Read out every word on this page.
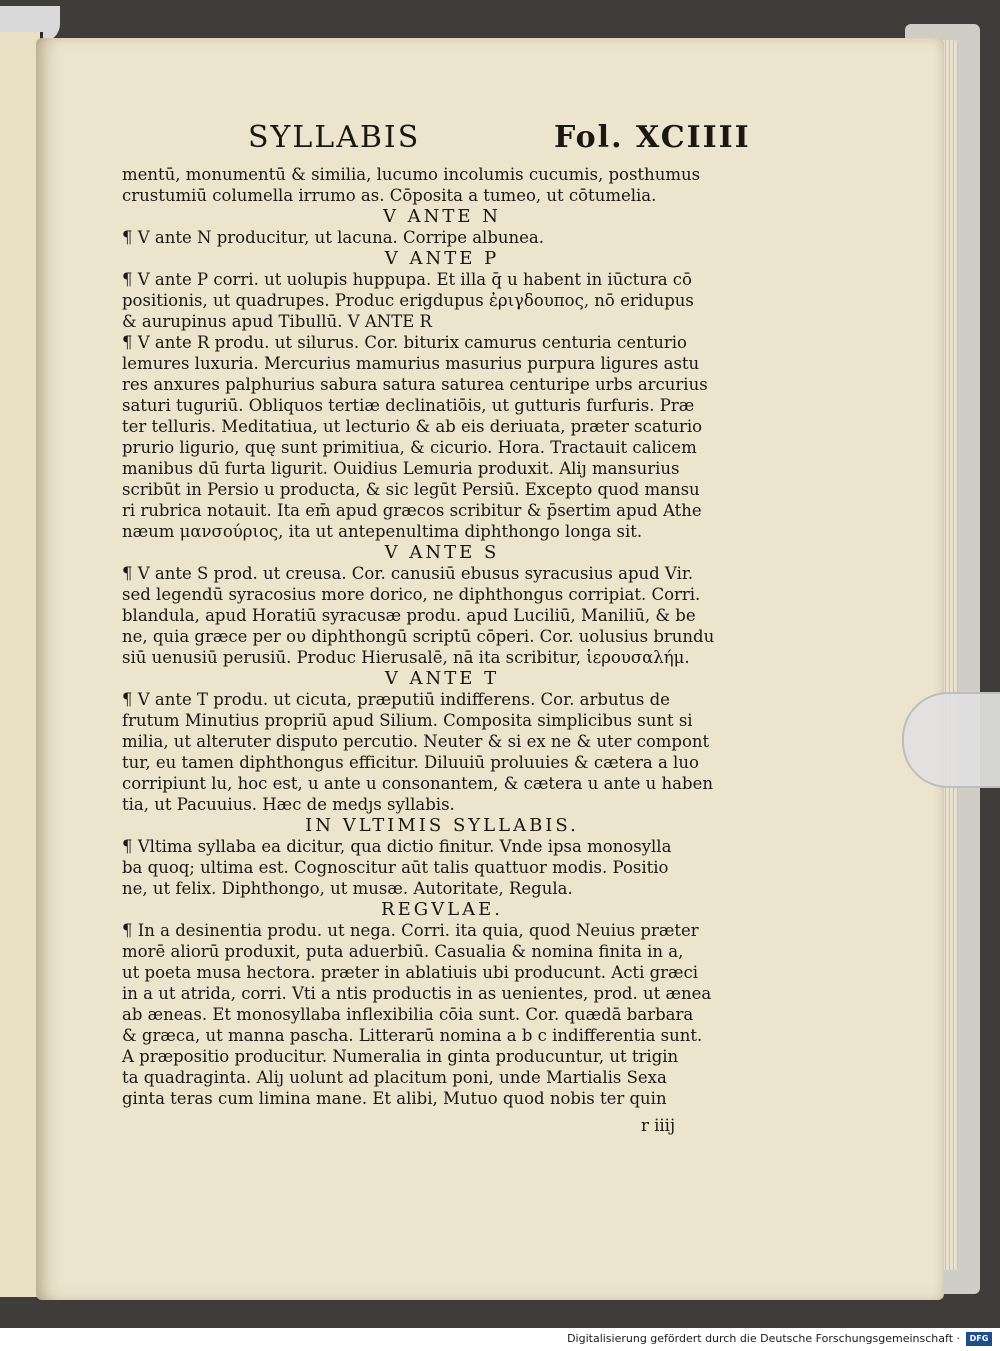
SYLLABIS	Fol. XCIIII
mentū, monumentū & similia, lucumo incolumis cucumis, posthumus
crustumiū columella irrumo as. Cōposita a tumeo, ut cōtumelia.
V ANTE N
¶ V ante N producitur, ut lacuna. Corripe albunea.
V ANTE P
¶ V ante P corri. ut uolupis huppupa. Et illa q̄ u habent in iūctura cō
positionis, ut quadrupes. Produc erigdupus ἐριγδουπος, nō eridupus
& aurupinus apud Tibullū. V ANTE R
¶ V ante R produ. ut silurus. Cor. biturix camurus centuria centurio
lemures luxuria. Mercurius mamurius masurius purpura ligures astu
res anxures palphurius sabura satura saturea centuripe urbs arcurius
saturi tuguriū. Obliquos tertiæ declinatiōis, ut gutturis furfuris. Præ
ter telluris. Meditatiua, ut lecturio & ab eis deriuata, præter scaturio
prurio ligurio, quę sunt primitiua, & cicurio. Hora. Tractauit calicem
manibus dū furta ligurit. Ouidius Lemuria produxit. Aliȷ mansurius
scribūt in Persio u producta, & sic legūt Persiū. Excepto quod mansu
ri rubrica notauit. Ita em̄ apud græcos scribitur & p̄sertim apud Athe
næum μανσούριος, ita ut antepenultima diphthongo longa sit.
V ANTE S
¶ V ante S prod. ut creusa. Cor. canusiū ebusus syracusius apud Vir.
sed legendū syracosius more dorico, ne diphthongus corripiat. Corri.
blandula, apud Horatiū syracusæ produ. apud Luciliū, Maniliū, & be
ne, quia græce per ου diphthongū scriptū cōperi. Cor. uolusius brundu
siū uenusiū perusiū. Produc Hierusalē, nā ita scribitur, ἱερουσαλήμ.
V ANTE T
¶ V ante T produ. ut cicuta, præputiū indifferens. Cor. arbutus de
frutum Minutius propriū apud Silium. Composita simplicibus sunt si
milia, ut alteruter disputo percutio. Neuter & si ex ne & uter compont
tur, eu tamen diphthongus efficitur. Diluuiū proluuies & cætera a luo
corripiunt lu, hoc est, u ante u consonantem, & cætera u ante u haben
tia, ut Pacuuius. Hæc de medȷs syllabis.
IN VLTIMIS SYLLABIS.
¶ Vltima syllaba ea dicitur, qua dictio finitur. Vnde ipsa monosylla
ba quoq; ultima est. Cognoscitur aūt talis quattuor modis. Positio
ne, ut felix. Diphthongo, ut musæ. Autoritate, Regula.
REGVLAE.
¶ In a desinentia produ. ut nega. Corri. ita quia, quod Neuius præter
morē aliorū produxit, puta aduerbiū. Casualia & nomina finita in a,
ut poeta musa hectora. præter in ablatiuis ubi producunt. Acti græci
in a ut atrida, corri. Vti a ntis productis in as uenientes, prod. ut ænea
ab æneas. Et monosyllaba inflexibilia cōia sunt. Cor. quædā barbara
& græca, ut manna pascha. Litterarū nomina a b c indifferentia sunt.
A præpositio producitur. Numeralia in ginta producuntur, ut trigin
ta quadraginta. Aliȷ uolunt ad placitum poni, unde Martialis Sexa
ginta teras cum limina mane. Et alibi, Mutuo quod nobis ter quin
r iiij
Digitalisierung gefördert durch die Deutsche Forschungsgemeinschaft ·	DFG
